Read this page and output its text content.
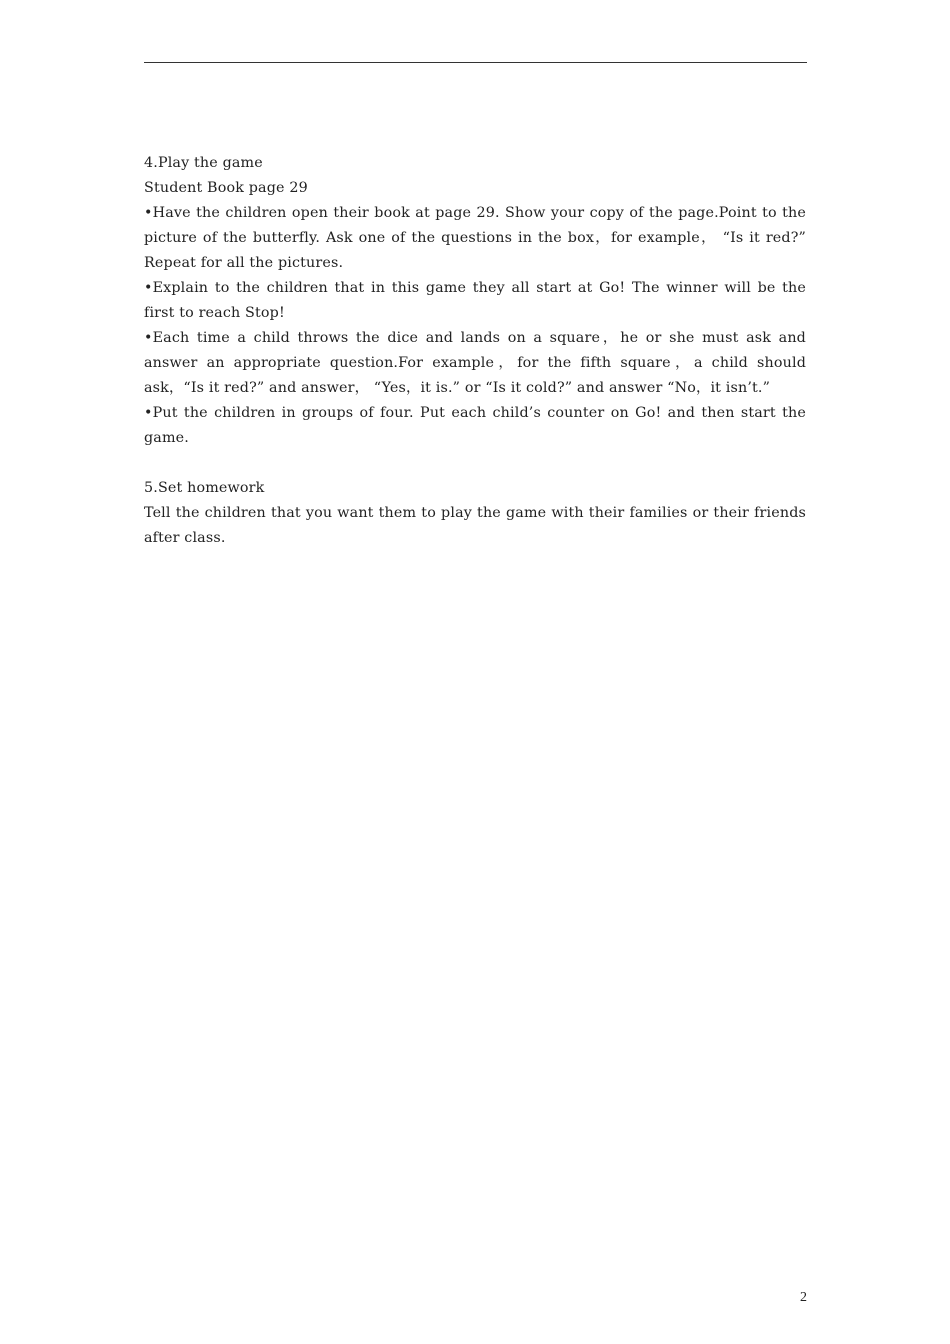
4.Play the game

Student Book page 29

•Have the children open their book at page 29. Show your copy of the page.Point to the picture of the butterfly. Ask one of the questions in the box，for example， “Is it red?” Repeat for all the pictures.

•Explain to the children that in this game they all start at Go! The winner will be the first to reach Stop!

•Each time a child throws the dice and lands on a square，he or she must ask and answer an appropriate question.For example，for the fifth square，a child should ask，“Is it red?” and answer， “Yes，it is.” or “Is it cold?” and answer “No，it isn’t.”

•Put the children in groups of four. Put each child’s counter on Go! and then start the game.

5.Set homework

Tell the children that you want them to play the game with their families or their friends after class.

2
